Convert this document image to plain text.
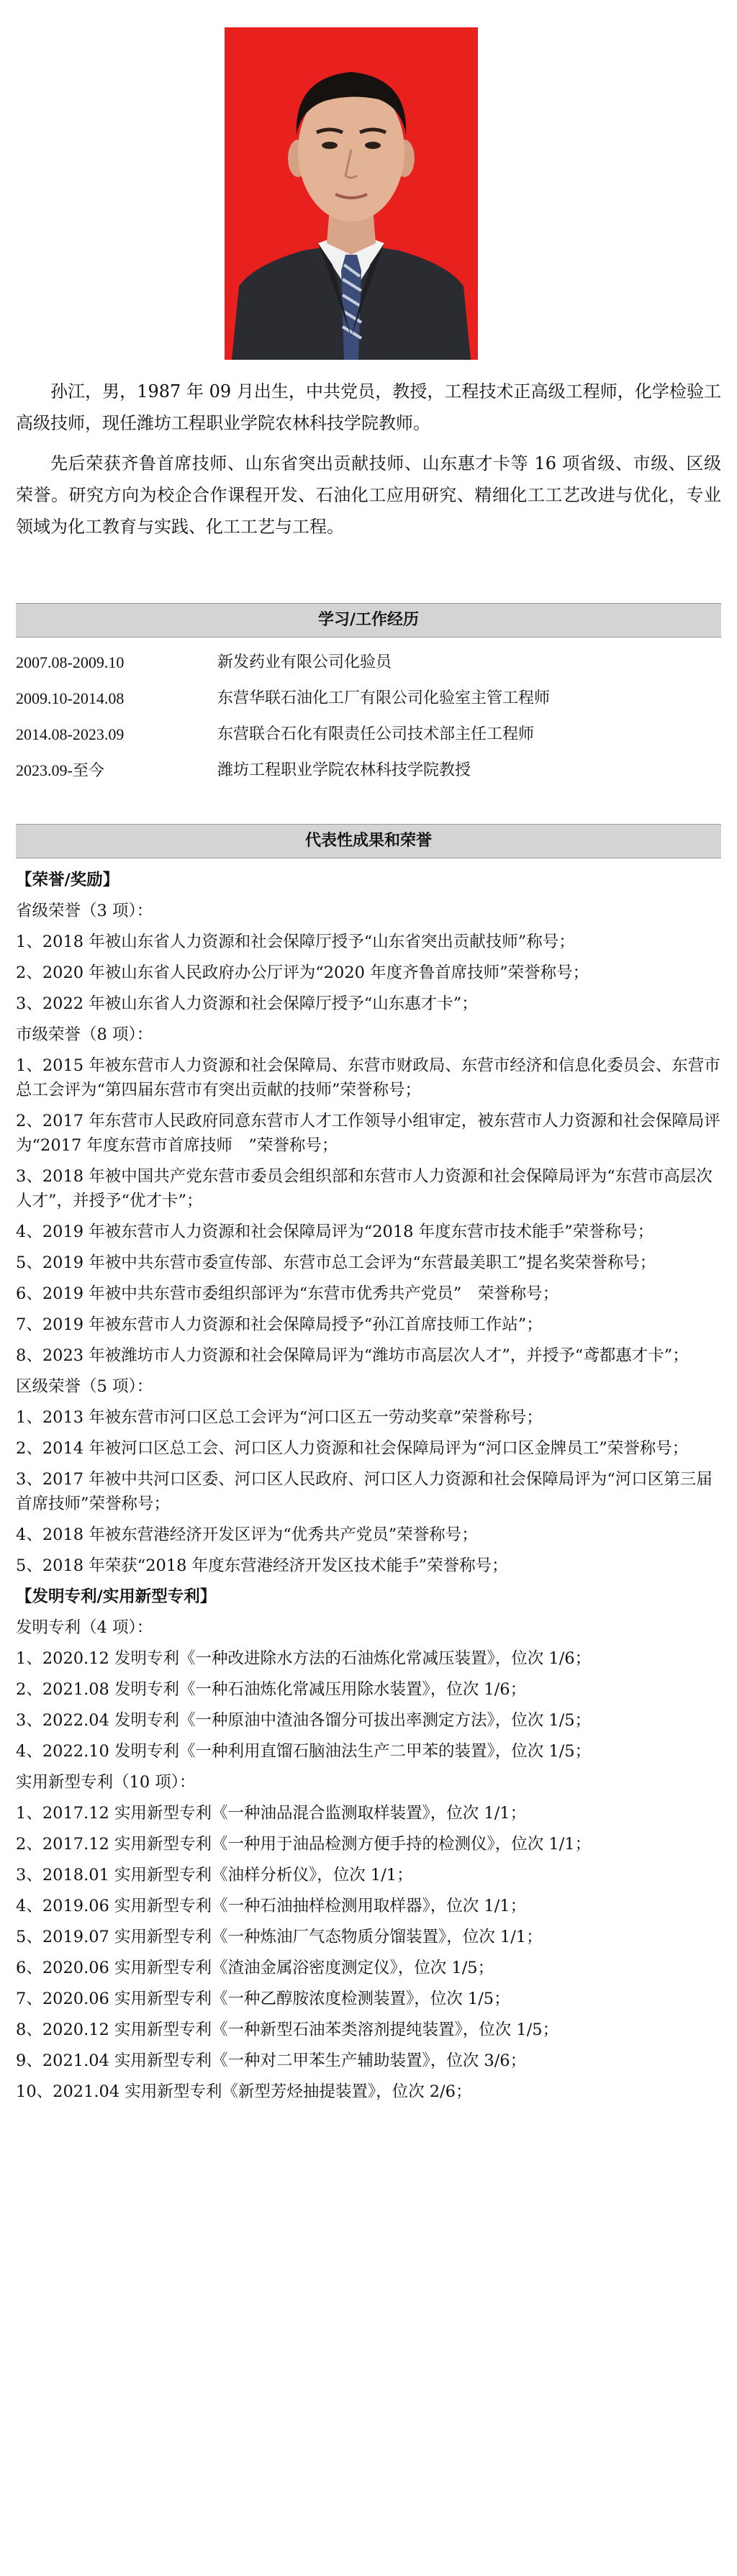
孙江，男，1987 年 09 月出生，中共党员，教授，工程技术正高级工程师，化学检验工高级技师，现任潍坊工程职业学院农林科技学院教师。

先后荣获齐鲁首席技师、山东省突出贡献技师、山东惠才卡等 16 项省级、市级、区级荣誉。研究方向为校企合作课程开发、石油化工应用研究、精细化工工艺改进与优化，专业领域为化工教育与实践、化工工艺与工程。

学习/工作经历
2007.08-2009.10	新发药业有限公司化验员
2009.10-2014.08	东营华联石油化工厂有限公司化验室主管工程师
2014.08-2023.09	东营联合石化有限责任公司技术部主任工程师
2023.09-至今	潍坊工程职业学院农林科技学院教授
代表性成果和荣誉
【荣誉/奖励】
省级荣誉（3 项）：
1、2018 年被山东省人力资源和社会保障厅授予“山东省突出贡献技师”称号；
2、2020 年被山东省人民政府办公厅评为“2020 年度齐鲁首席技师”荣誉称号；
3、2022 年被山东省人力资源和社会保障厅授予“山东惠才卡”；
市级荣誉（8 项）：
1、2015 年被东营市人力资源和社会保障局、东营市财政局、东营市经济和信息化委员会、东营市总工会评为“第四届东营市有突出贡献的技师”荣誉称号；
2、2017 年东营市人民政府同意东营市人才工作领导小组审定，被东营市人力资源和社会保障局评为“2017 年度东营市首席技师　”荣誉称号；
3、2018 年被中国共产党东营市委员会组织部和东营市人力资源和社会保障局评为“东营市高层次人才”，并授予“优才卡”；
4、2019 年被东营市人力资源和社会保障局评为“2018 年度东营市技术能手”荣誉称号；
5、2019 年被中共东营市委宣传部、东营市总工会评为“东营最美职工”提名奖荣誉称号；
6、2019 年被中共东营市委组织部评为“东营市优秀共产党员”　荣誉称号；
7、2019 年被东营市人力资源和社会保障局授予“孙江首席技师工作站”；
8、2023 年被潍坊市人力资源和社会保障局评为“潍坊市高层次人才”，并授予“鸢都惠才卡”；
区级荣誉（5 项）：
1、2013 年被东营市河口区总工会评为“河口区五一劳动奖章”荣誉称号；
2、2014 年被河口区总工会、河口区人力资源和社会保障局评为“河口区金牌员工”荣誉称号；
3、2017 年被中共河口区委、河口区人民政府、河口区人力资源和社会保障局评为“河口区第三届首席技师”荣誉称号；
4、2018 年被东营港经济开发区评为“优秀共产党员”荣誉称号；
5、2018 年荣获“2018 年度东营港经济开发区技术能手”荣誉称号；
【发明专利/实用新型专利】
发明专利（4 项）：
1、2020.12 发明专利《一种改进除水方法的石油炼化常减压装置》，位次 1/6；
2、2021.08 发明专利《一种石油炼化常减压用除水装置》，位次 1/6；
3、2022.04 发明专利《一种原油中渣油各馏分可拔出率测定方法》，位次 1/5；
4、2022.10 发明专利《一种利用直馏石脑油法生产二甲苯的装置》，位次 1/5；
实用新型专利（10 项）：
1、2017.12 实用新型专利《一种油品混合监测取样装置》，位次 1/1；
2、2017.12 实用新型专利《一种用于油品检测方便手持的检测仪》，位次 1/1；
3、2018.01 实用新型专利《油样分析仪》，位次 1/1；
4、2019.06 实用新型专利《一种石油抽样检测用取样器》，位次 1/1；
5、2019.07 实用新型专利《一种炼油厂气态物质分馏装置》，位次 1/1；
6、2020.06 实用新型专利《渣油金属浴密度测定仪》，位次 1/5；
7、2020.06 实用新型专利《一种乙醇胺浓度检测装置》，位次 1/5；
8、2020.12 实用新型专利《一种新型石油苯类溶剂提纯装置》，位次 1/5；
9、2021.04 实用新型专利《一种对二甲苯生产辅助装置》，位次 3/6；
10、2021.04 实用新型专利《新型芳烃抽提装置》，位次 2/6；
